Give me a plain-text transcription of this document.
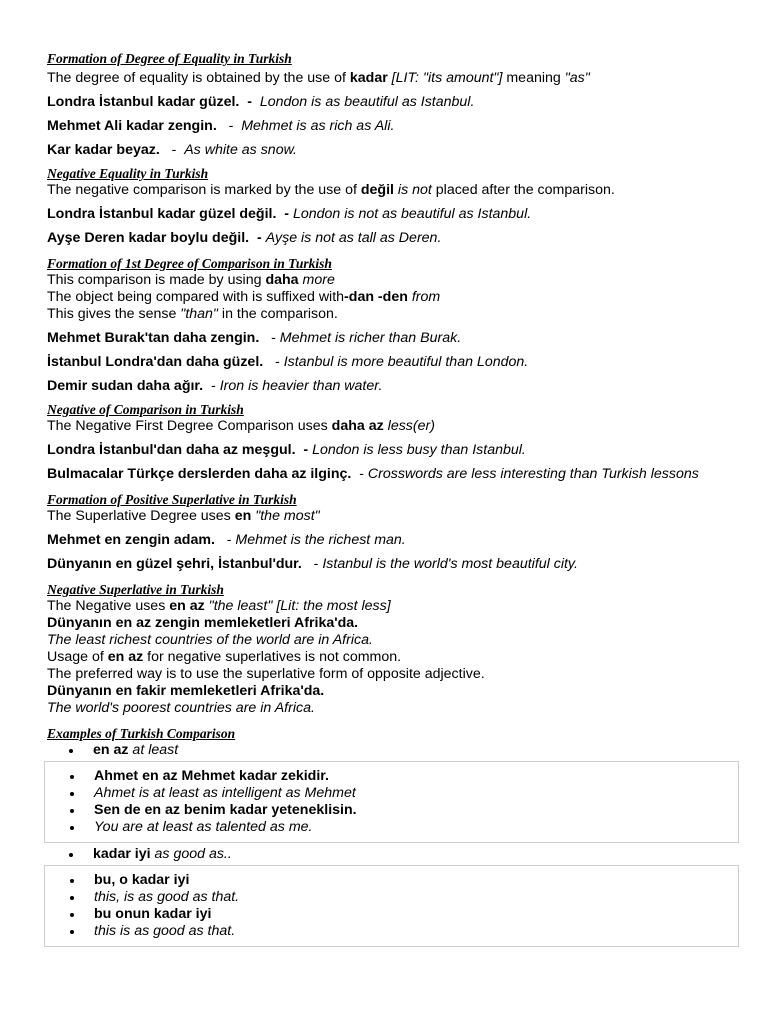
Formation of Degree of Equality in Turkish
The degree of equality is obtained by the use of kadar [LIT: "its amount"] meaning "as"
Londra İstanbul kadar güzel.  -  London is as beautiful as Istanbul.
Mehmet Ali kadar zengin.   -  Mehmet is as rich as Ali.
Kar kadar beyaz.   -  As white as snow.
Negative Equality in Turkish
The negative comparison is marked by the use of değil is not placed after the comparison.
Londra İstanbul kadar güzel değil.  - London is not as beautiful as Istanbul.
Ayşe Deren kadar boylu değil.  - Ayşe is not as tall as Deren.
Formation of 1st Degree of Comparison in Turkish
This comparison is made by using daha more
The object being compared with is suffixed with-dan -den from
This gives the sense "than" in the comparison.
Mehmet Burak'tan daha zengin.   - Mehmet is richer than Burak.
İstanbul Londra'dan daha güzel.   - Istanbul is more beautiful than London.
Demir sudan daha ağır.  - Iron is heavier than water.
Negative of Comparison in Turkish
The Negative First Degree Comparison uses daha az less(er)
Londra İstanbul'dan daha az meşgul.  - London is less busy than Istanbul.
Bulmacalar Türkçe derslerden daha az ilginç.  - Crosswords are less interesting than Turkish lessons
Formation of Positive Superlative in Turkish
The Superlative Degree uses en "the most"
Mehmet en zengin adam.   - Mehmet is the richest man.
Dünyanın en güzel şehri, İstanbul'dur.   - Istanbul is the world's most beautiful city.
Negative Superlative in Turkish
The Negative uses en az "the least" [Lit: the most less]
Dünyanın en az zengin memleketleri Afrika'da.
The least richest countries of the world are in Africa.
Usage of en az for negative superlatives is not common.
The preferred way is to use the superlative form of opposite adjective.
Dünyanın en fakir memleketleri Afrika'da.
The world's poorest countries are in Africa.
Examples of Turkish Comparison
en az at least
Ahmet en az Mehmet kadar zekidir.
Ahmet is at least as intelligent as Mehmet
Sen de en az benim kadar yeteneklisin.
You are at least as talented as me.
kadar iyi as good as..
bu, o kadar iyi
this, is as good as that.
bu onun kadar iyi
this is as good as that.
